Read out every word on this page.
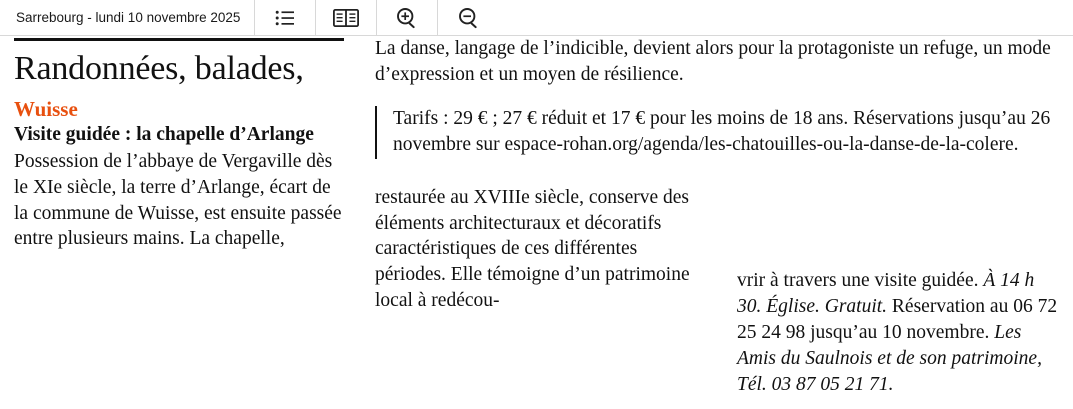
Sarrebourg - lundi 10 novembre 2025
Randonnées, balades,
Wuisse
Visite guidée : la chapelle d’Arlange

Possession de l’abbaye de Vergaville dès le XIe siècle, la terre d’Arlange, écart de la commune de Wuisse, est ensuite passée entre plusieurs mains. La chapelle,

La danse, langage de l’indicible, devient alors pour la protagoniste un refuge, un mode d’expression et un moyen de résilience.

Tarifs : 29 € ; 27 € réduit et 17 € pour les moins de 18 ans. Réservations jusqu’au 26 novembre sur espace-rohan.org/agenda/les-chatouilles-ou-la-danse-de-la-colere.

restaurée au XVIIIe siècle, conserve des éléments architecturaux et décoratifs caractéristiques de ces différentes périodes. Elle témoigne d’un patrimoine local à redécou-

vrir à travers une visite guidée. À 14 h 30. Église. Gratuit. Réservation au 06 72 25 24 98 jusqu’au 10 novembre. Les Amis du Saulnois et de son patrimoine, Tél. 03 87 05 21 71.
